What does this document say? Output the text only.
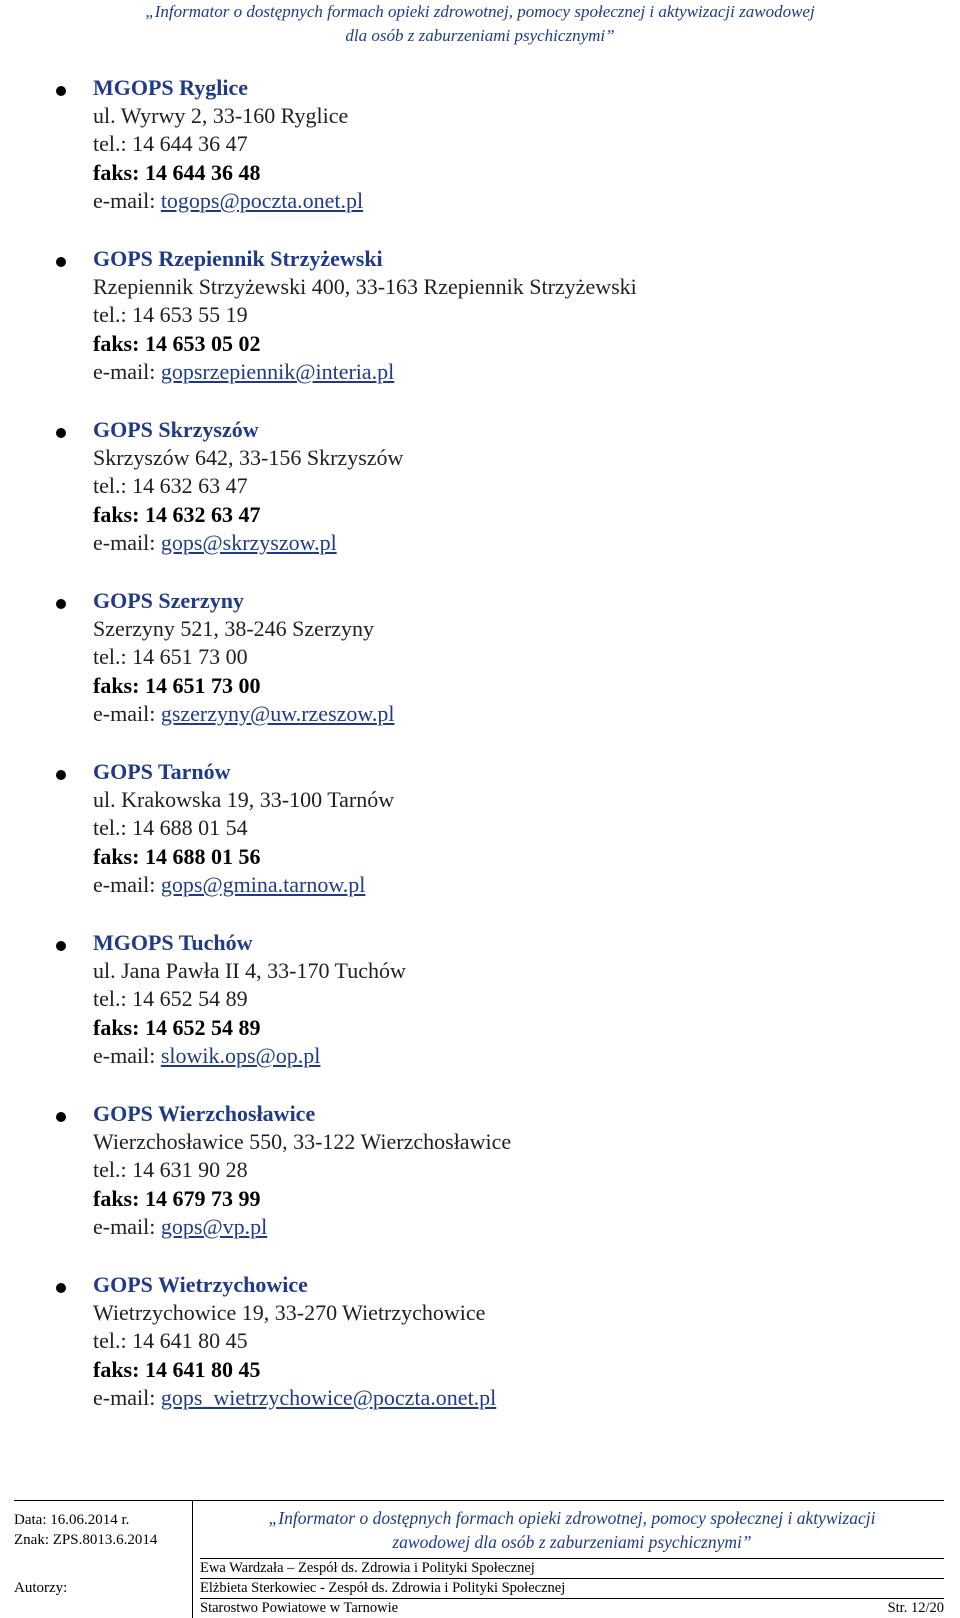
„Informator o dostępnych formach opieki zdrowotnej, pomocy społecznej i aktywizacji zawodowej
dla osób z zaburzeniami psychicznymi”
MGOPS Ryglice
ul. Wyrwy 2, 33-160 Ryglice
tel.: 14 644 36 47
faks: 14 644 36 48
e-mail: togops@poczta.onet.pl
GOPS Rzepiennik Strzyżewski
Rzepiennik Strzyżewski 400, 33-163 Rzepiennik Strzyżewski
tel.: 14 653 55 19
faks: 14 653 05 02
e-mail: gopsrzepiennik@interia.pl
GOPS Skrzyszów
Skrzyszów 642, 33-156 Skrzyszów
tel.: 14 632 63 47
faks: 14 632 63 47
e-mail: gops@skrzyszow.pl
GOPS Szerzyny
Szerzyny 521, 38-246 Szerzyny
tel.: 14 651 73 00
faks: 14 651 73 00
e-mail: gszerzyny@uw.rzeszow.pl
GOPS Tarnów
ul. Krakowska 19, 33-100 Tarnów
tel.: 14 688 01 54
faks: 14 688 01 56
e-mail: gops@gmina.tarnow.pl
MGOPS Tuchów
ul. Jana Pawła II 4, 33-170 Tuchów
tel.: 14 652 54 89
faks: 14 652 54 89
e-mail: slowik.ops@op.pl
GOPS Wierzchosławice
Wierzchosławice 550, 33-122 Wierzchosławice
tel.: 14 631 90 28
faks: 14 679 73 99
e-mail: gops@vp.pl
GOPS Wietrzychowice
Wietrzychowice 19, 33-270 Wietrzychowice
tel.: 14 641 80 45
faks: 14 641 80 45
e-mail: gops_wietrzychowice@poczta.onet.pl
Data: 16.06.2014 r.
Znak: ZPS.8013.6.2014
Autorzy:
„Informator o dostępnych formach opieki zdrowotnej, pomocy społecznej i aktywizacji
zawodowej dla osób z zaburzeniami psychicznymi”
Ewa Wardzała – Zespół ds. Zdrowia i Polityki Społecznej
Elżbieta Sterkowiec - Zespół ds. Zdrowia i Polityki Społecznej
Starostwo Powiatowe w Tarnowie	Str. 12/20
